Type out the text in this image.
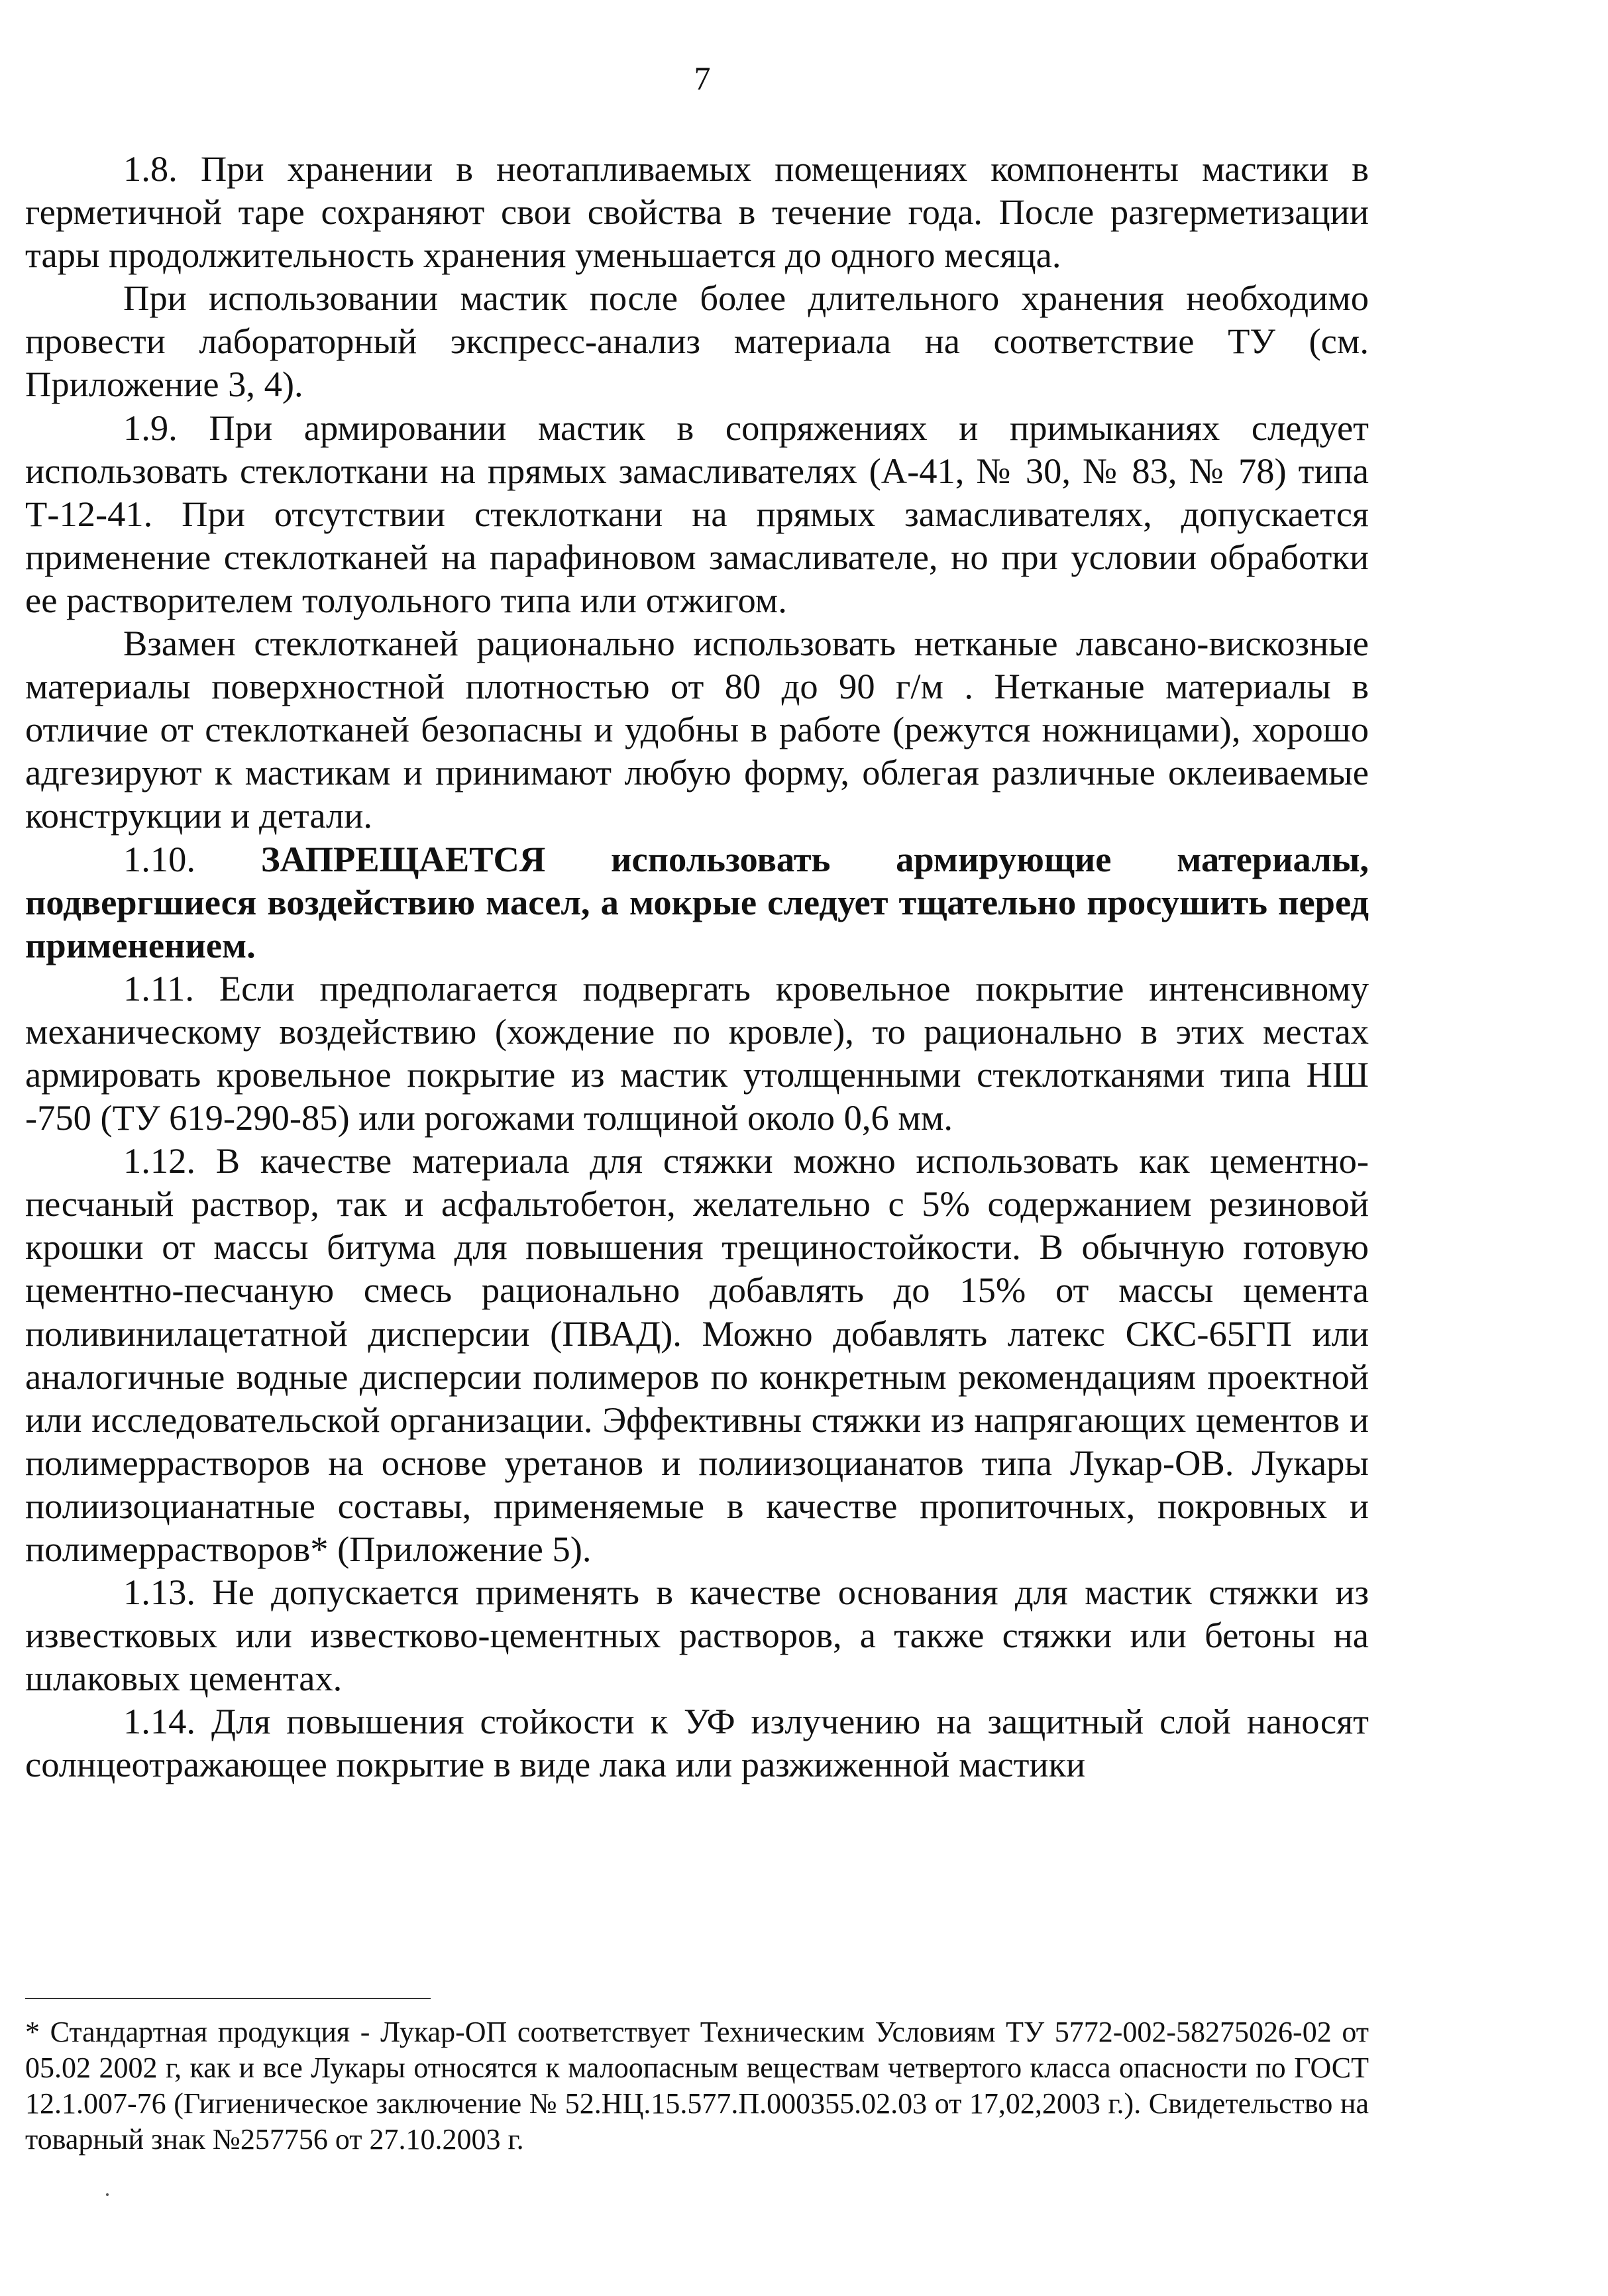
7

1.8. При хранении в неотапливаемых помещениях компоненты мастики в герметичной таре сохраняют свои свойства в течение года. После разгерметизации тары продолжительность хранения уменьшается до одного месяца.

При использовании мастик после более длительного хранения необходимо провести лабораторный экспресс-анализ материала на соответствие ТУ (см. Приложение 3, 4).

1.9. При армировании мастик в сопряжениях и примыканиях следует использовать стеклоткани на прямых замасливателях (А-41, № 30, № 83, № 78) типа Т-12-41. При отсутствии стеклоткани на прямых замасливателях, допускается применение стеклотканей на парафиновом замасливателе, но при условии обработки ее растворителем толуольного типа или отжигом.

Взамен стеклотканей рационально использовать нетканые лавсано-вискозные материалы поверхностной плотностью от 80 до 90 г/м . Нетканые материалы в отличие от стеклотканей безопасны и удобны в работе (режутся ножницами), хорошо адгезируют к мастикам и принимают любую форму, облегая различные оклеиваемые конструкции и детали.

1.10. ЗАПРЕЩАЕТСЯ использовать армирующие материалы, подвергшиеся воздействию масел, а мокрые следует тщательно просушить перед применением.

1.11. Если предполагается подвергать кровельное покрытие интенсивному механическому воздействию (хождение по кровле), то рационально в этих местах армировать кровельное покрытие из мастик утолщенными стеклотканями типа НШ -750 (ТУ 619-290-85) или рогожами толщиной около 0,6 мм.

1.12. В качестве материала для стяжки можно использовать как цементно-песчаный раствор, так и асфальтобетон, желательно с 5% содержанием резиновой крошки от массы битума для повышения трещиностойкости. В обычную готовую цементно-песчаную смесь рационально добавлять до 15% от массы цемента поливинилацетатной дисперсии (ПВАД). Можно добавлять латекс СКС-65ГП или аналогичные водные дисперсии полимеров по конкретным рекомендациям проектной или исследовательской организации. Эффективны стяжки из напрягающих цементов и полимеррастворов на основе уретанов и полиизоцианатов типа Лукар-ОВ. Лукары полиизоцианатные составы, применяемые в качестве пропиточных, покровных и полимеррастворов* (Приложение 5).

1.13. Не допускается применять в качестве основания для мастик стяжки из известковых или известково-цементных растворов, а также стяжки или бетоны на шлаковых цементах.

1.14. Для повышения стойкости к УФ излучению на защитный слой наносят солнцеотражающее покрытие в виде лака или разжиженной мастики

* Стандартная продукция - Лукар-ОП соответствует Техническим Условиям ТУ 5772-002-58275026-02 от 05.02 2002 г, как и все Лукары относятся к малоопасным веществам четвертого класса опасности по ГОСТ 12.1.007-76 (Гигиеническое заключение № 52.НЦ.15.577.П.000355.02.03 от 17,02,2003 г.). Свидетельство на товарный знак №257756 от 27.10.2003 г.
